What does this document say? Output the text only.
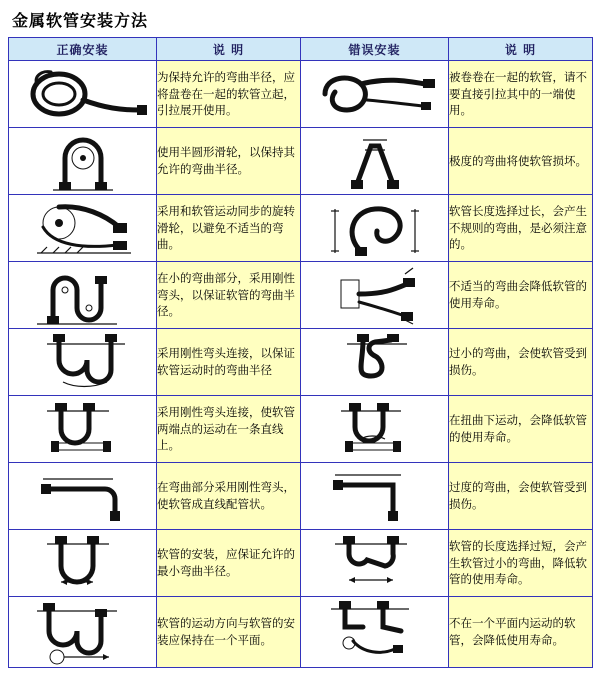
金属软管安装方法
正确安装	说 明	错误安装	说 明

	为保持允许的弯曲半径，应将盘卷在一起的软管立起，引拉展开使用。		被卷卷在一起的软管，请不要直接引拉其中的一端使用。

	使用半圆形滑轮，以保持其允许的弯曲半径。		极度的弯曲将使软管损坏。

	采用和软管运动同步的旋转滑轮，以避免不适当的弯曲。		软管长度选择过长，会产生不规则的弯曲，是必须注意的。

	在小的弯曲部分，采用刚性弯头，以保证软管的弯曲半径。		不适当的弯曲会降低软管的使用寿命。

	采用刚性弯头连接，以保证软管运动时的弯曲半径		过小的弯曲，会使软管受到损伤。

	采用刚性弯头连接，使软管两端点的运动在一条直线上。		在扭曲下运动，会降低软管的使用寿命。

	在弯曲部分采用刚性弯头，使软管成直线配管状。		过度的弯曲，会使软管受到损伤。

	软管的安装，应保证允许的最小弯曲半径。		软管的长度选择过短，会产生软管过小的弯曲，降低软管的使用寿命。

	软管的运动方向与软管的安装应保持在一个平面。		不在一个平面内运动的软管，会降低使用寿命。
